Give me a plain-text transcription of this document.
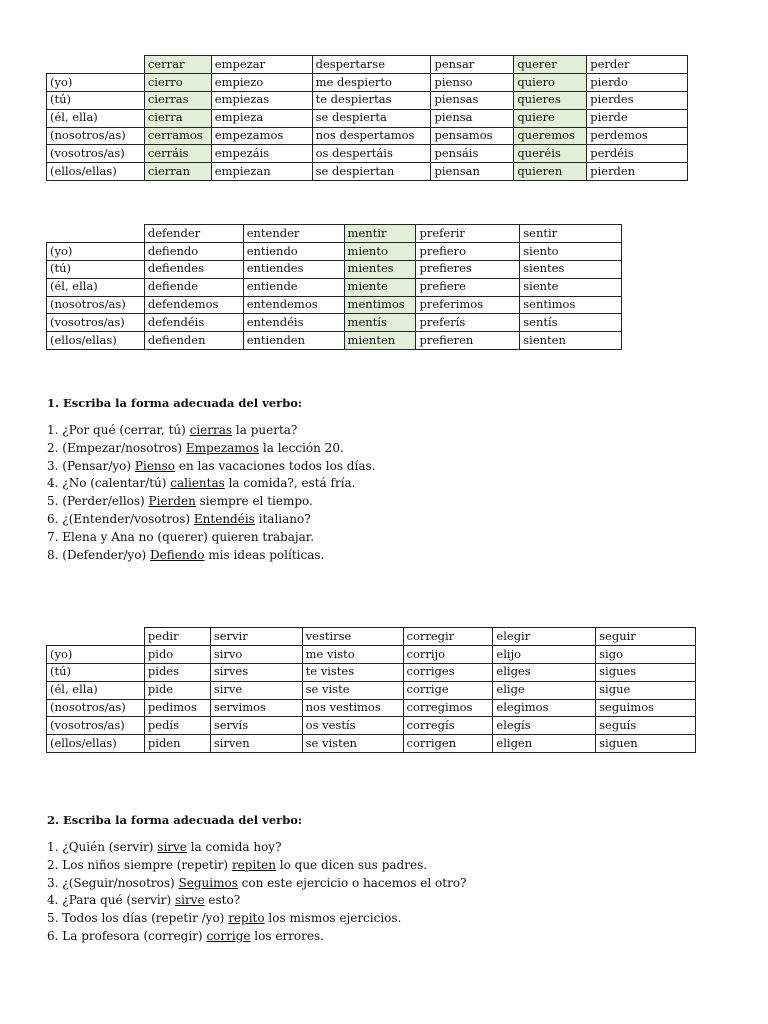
	cerrar	empezar	despertarse	pensar	querer	perder
(yo)	cierro	empiezo	me despierto	pienso	quiero	pierdo
(tú)	cierras	empiezas	te despiertas	piensas	quieres	pierdes
(él, ella)	cierra	empieza	se despierta	piensa	quiere	pierde
(nosotros/as)	cerramos	empezamos	nos despertamos	pensamos	queremos	perdemos
(vosotros/as)	cerráis	empezáis	os despertáis	pensáis	queréis	perdéis
(ellos/ellas)	cierran	empiezan	se despiertan	piensan	quieren	pierden
	defender	entender	mentir	preferir	sentir
(yo)	defiendo	entiendo	miento	prefiero	siento
(tú)	defiendes	entiendes	mientes	prefieres	sientes
(él, ella)	defiende	entiende	miente	prefiere	siente
(nosotros/as)	defendemos	entendemos	mentimos	preferimos	sentimos
(vosotros/as)	defendéis	entendéis	mentís	preferís	sentís
(ellos/ellas)	defienden	entienden	mienten	prefieren	sienten
1. Escriba la forma adecuada del verbo:
1. ¿Por qué (cerrar, tú) cierras la puerta?
2. (Empezar/nosotros) Empezamos la lección 20.
3. (Pensar/yo) Pienso en las vacaciones todos los días.
4. ¿No (calentar/tú) calientas la comida?, está fría.
5. (Perder/ellos) Pierden siempre el tiempo.
6. ¿(Entender/vosotros) Entendéis italiano?
7. Elena y Ana no (querer) quieren trabajar.
8. (Defender/yo) Defiendo mis ideas políticas.
	pedir	servir	vestirse	corregir	elegir	seguir
(yo)	pido	sirvo	me visto	corrijo	elijo	sigo
(tú)	pides	sirves	te vistes	corriges	eliges	sigues
(él, ella)	pide	sirve	se viste	corrige	elige	sigue
(nosotros/as)	pedimos	servimos	nos vestimos	corregimos	elegimos	seguimos
(vosotros/as)	pedís	servís	os vestís	corregís	elegís	seguís
(ellos/ellas)	piden	sirven	se visten	corrigen	eligen	siguen
2. Escriba la forma adecuada del verbo:
1. ¿Quién (servir) sirve la comida hoy?
2. Los niños siempre (repetir) repiten lo que dicen sus padres.
3. ¿(Seguir/nosotros) Seguimos con este ejercicio o hacemos el otro?
4. ¿Para qué (servir) sirve esto?
5. Todos los días (repetir /yo) repito los mismos ejercicios.
6. La profesora (corregir) corrige los errores.
